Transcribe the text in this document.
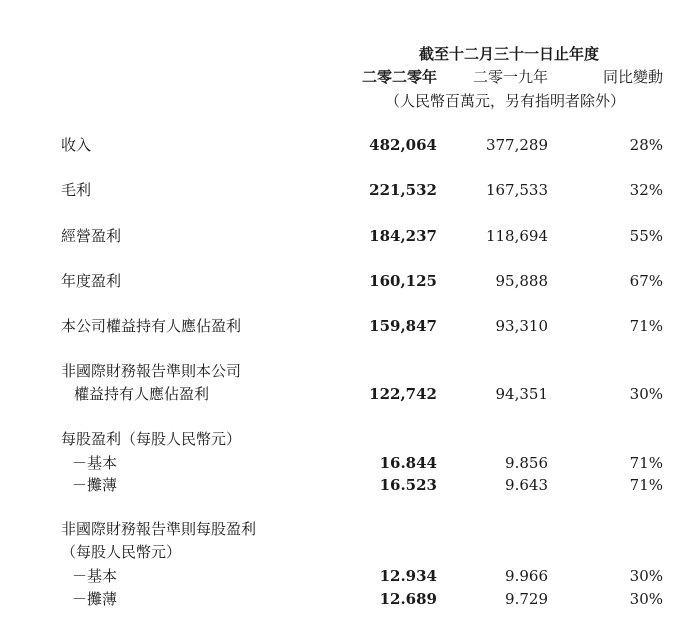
截至十二月三十一日止年度
二零二零年	二零一九年	同比變動
（人民幣百萬元，另有指明者除外）
收入	482,064	377,289	28%
毛利	221,532	167,533	32%
經營盈利	184,237	118,694	55%
年度盈利	160,125	95,888	67%
本公司權益持有人應佔盈利	159,847	93,310	71%
非國際財務報告準則本公司
權益持有人應佔盈利	122,742	94,351	30%
每股盈利（每股人民幣元）
－基本	16.844	9.856	71%
－攤薄	16.523	9.643	71%
非國際財務報告準則每股盈利
（每股人民幣元）
－基本	12.934	9.966	30%
－攤薄	12.689	9.729	30%
